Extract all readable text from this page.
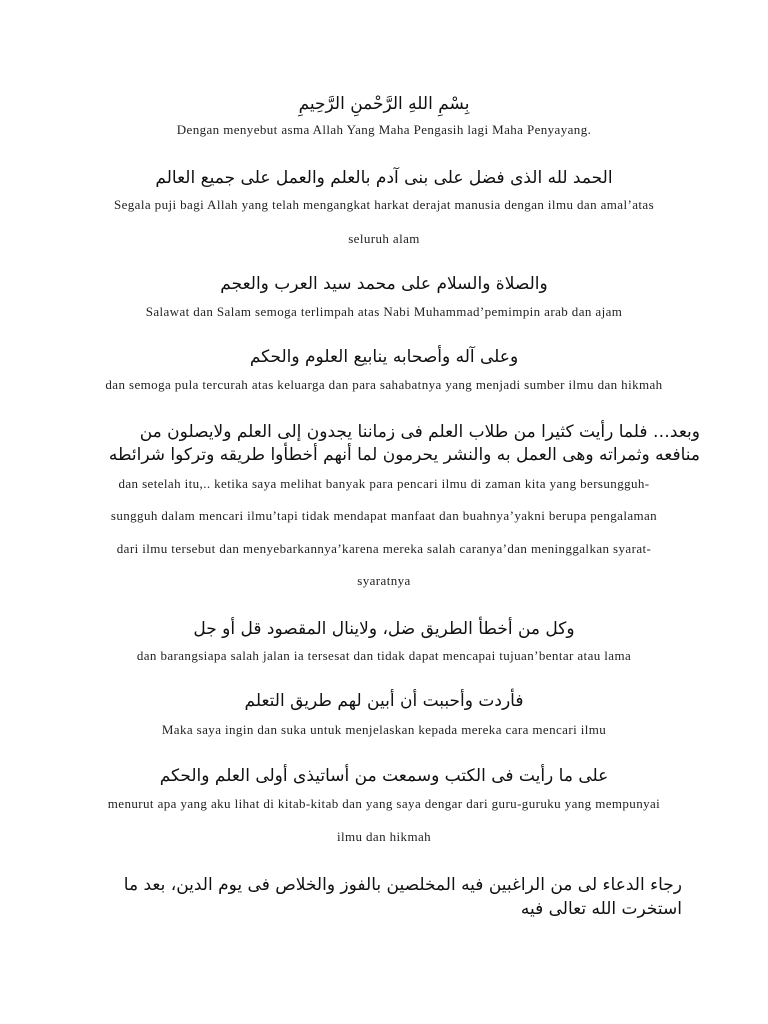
بِسْمِ اللهِ الرَّحْمنِ الرَّحِيمِ
Dengan menyebut asma Allah Yang Maha Pengasih lagi Maha Penyayang.
الحمد لله الذى فضل على بنى آدم بالعلم والعمل على جميع العالم
Segala puji bagi Allah yang telah mengangkat harkat derajat manusia dengan ilmu dan amal’atas
seluruh alam
والصلاة والسلام على محمد سيد العرب والعجم
Salawat dan Salam semoga terlimpah atas Nabi Muhammad’pemimpin arab dan ajam
وعلى آله وأصحابه ينابيع العلوم والحكم
dan semoga pula tercurah atas keluarga dan para sahabatnya yang menjadi sumber ilmu dan hikmah
وبعد… فلما رأيت كثيرا من طلاب العلم فى زماننا يجدون إلى العلم ولايصلون من منافعه وثمراته وهى العمل به والنشر يحرمون لما أنهم أخطأوا طريقه وتركوا شرائطه
dan setelah itu,.. ketika saya melihat banyak para pencari ilmu di zaman kita yang bersungguh-
sungguh dalam mencari ilmu’tapi tidak mendapat manfaat dan buahnya’yakni berupa pengalaman
dari ilmu tersebut dan menyebarkannya’karena mereka salah caranya’dan meninggalkan syarat-
syaratnya
وكل من أخطأ الطريق ضل، ولاينال المقصود قل أو جل
dan barangsiapa salah jalan ia tersesat dan tidak dapat mencapai tujuan’bentar atau lama
فأردت وأحببت أن أبين لهم طريق التعلم
Maka saya ingin dan suka untuk menjelaskan kepada mereka cara mencari ilmu
على ما رأيت فى الكتب وسمعت من أساتيذى أولى العلم والحكم
menurut apa yang aku lihat di kitab-kitab dan yang saya dengar dari guru-guruku yang mempunyai
ilmu dan hikmah
رجاء الدعاء لى من الراغبين فيه المخلصين بالفوز والخلاص فى يوم الدين، بعد ما استخرت الله تعالى فيه
